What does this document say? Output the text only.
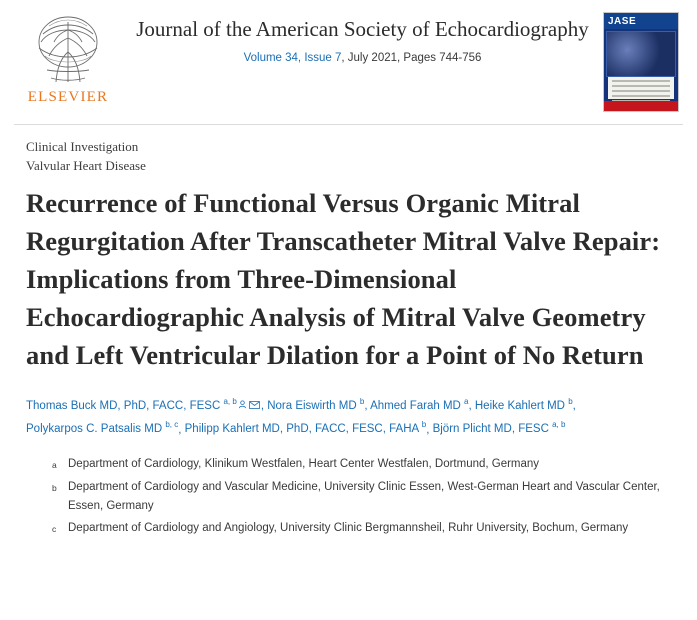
ELSEVIER
Journal of the American Society of Echocardiography
Volume 34, Issue 7, July 2021, Pages 744-756
JASE
Clinical Investigation
Valvular Heart Disease
Recurrence of Functional Versus Organic Mitral Regurgitation After Transcatheter Mitral Valve Repair: Implications from Three-Dimensional Echocardiographic Analysis of Mitral Valve Geometry and Left Ventricular Dilation for a Point of No Return
Thomas Buck MD, PhD, FACC, FESC $^{a, b}$ , Nora Eiswirth MD $^b$, Ahmed Farah MD $^a$, Heike Kahlert MD $^b$, Polykarpos C. Patsalis MD $^{b, c}$, Philipp Kahlert MD, PhD, FACC, FESC, FAHA $^b$, Björn Plicht MD, FESC $^{a, b}$
a Department of Cardiology, Klinikum Westfalen, Heart Center Westfalen, Dortmund, Germany
b Department of Cardiology and Vascular Medicine, University Clinic Essen, West-German Heart and Vascular Center, Essen, Germany
c	Department of Cardiology and Angiology, University Clinic Bergmannsheil, Ruhr University, Bochum, Germany
